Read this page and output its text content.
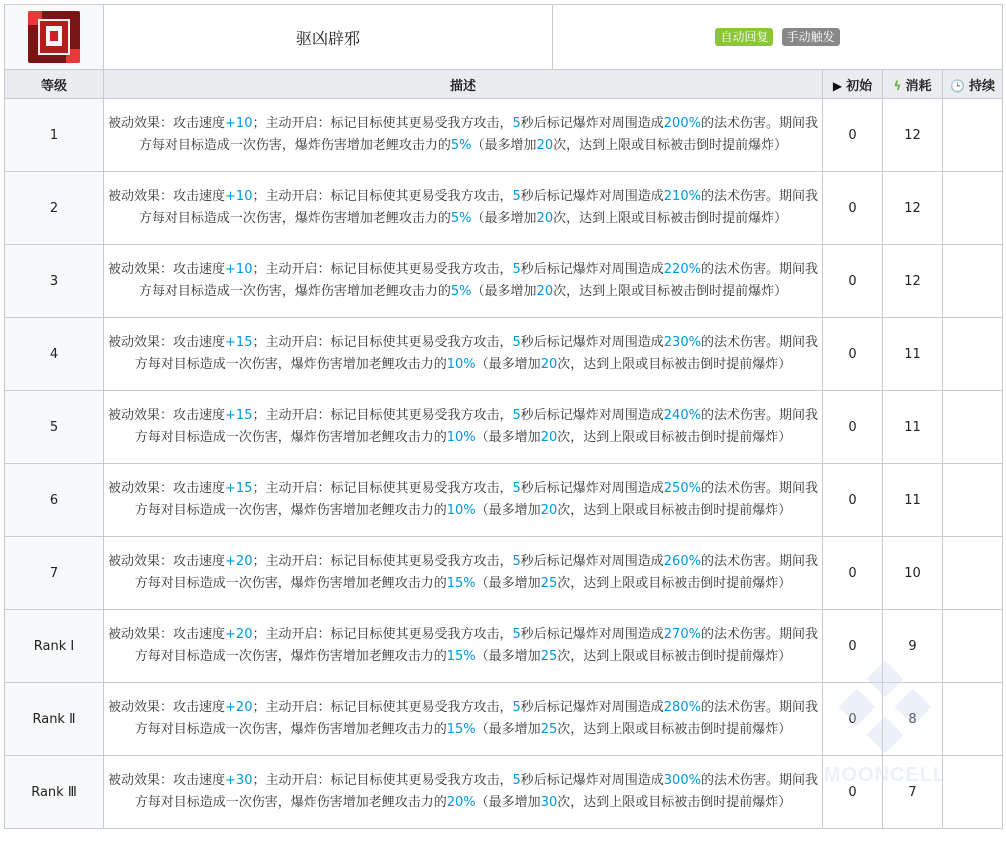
	驱凶辟邪	自动回复 手动触发			
等级	描述		▶ 初始	ϟ 消耗	🕒 持续
1	被动效果：攻击速度+10；主动开启：标记目标使其更易受我方攻击，5秒后标记爆炸对周围造成200%的法术伤害。期间我方每对目标造成一次伤害，爆炸伤害增加老鲤攻击力的5%（最多增加20次，达到上限或目标被击倒时提前爆炸）		0	12	
2	被动效果：攻击速度+10；主动开启：标记目标使其更易受我方攻击，5秒后标记爆炸对周围造成210%的法术伤害。期间我方每对目标造成一次伤害，爆炸伤害增加老鲤攻击力的5%（最多增加20次，达到上限或目标被击倒时提前爆炸）		0	12	
3	被动效果：攻击速度+10；主动开启：标记目标使其更易受我方攻击，5秒后标记爆炸对周围造成220%的法术伤害。期间我方每对目标造成一次伤害，爆炸伤害增加老鲤攻击力的5%（最多增加20次，达到上限或目标被击倒时提前爆炸）		0	12	
4	被动效果：攻击速度+15；主动开启：标记目标使其更易受我方攻击，5秒后标记爆炸对周围造成230%的法术伤害。期间我方每对目标造成一次伤害，爆炸伤害增加老鲤攻击力的10%（最多增加20次，达到上限或目标被击倒时提前爆炸）		0	11	
5	被动效果：攻击速度+15；主动开启：标记目标使其更易受我方攻击，5秒后标记爆炸对周围造成240%的法术伤害。期间我方每对目标造成一次伤害，爆炸伤害增加老鲤攻击力的10%（最多增加20次，达到上限或目标被击倒时提前爆炸）		0	11	
6	被动效果：攻击速度+15；主动开启：标记目标使其更易受我方攻击，5秒后标记爆炸对周围造成250%的法术伤害。期间我方每对目标造成一次伤害，爆炸伤害增加老鲤攻击力的10%（最多增加20次，达到上限或目标被击倒时提前爆炸）		0	11	
7	被动效果：攻击速度+20；主动开启：标记目标使其更易受我方攻击，5秒后标记爆炸对周围造成260%的法术伤害。期间我方每对目标造成一次伤害，爆炸伤害增加老鲤攻击力的15%（最多增加25次，达到上限或目标被击倒时提前爆炸）		0	10	
Rank Ⅰ	被动效果：攻击速度+20；主动开启：标记目标使其更易受我方攻击，5秒后标记爆炸对周围造成270%的法术伤害。期间我方每对目标造成一次伤害，爆炸伤害增加老鲤攻击力的15%（最多增加25次，达到上限或目标被击倒时提前爆炸）		0	9	
Rank Ⅱ	被动效果：攻击速度+20；主动开启：标记目标使其更易受我方攻击，5秒后标记爆炸对周围造成280%的法术伤害。期间我方每对目标造成一次伤害，爆炸伤害增加老鲤攻击力的15%（最多增加25次，达到上限或目标被击倒时提前爆炸）		0	8	
Rank Ⅲ	被动效果：攻击速度+30；主动开启：标记目标使其更易受我方攻击，5秒后标记爆炸对周围造成300%的法术伤害。期间我方每对目标造成一次伤害，爆炸伤害增加老鲤攻击力的20%（最多增加30次，达到上限或目标被击倒时提前爆炸）		0	7	
MOONCELL
